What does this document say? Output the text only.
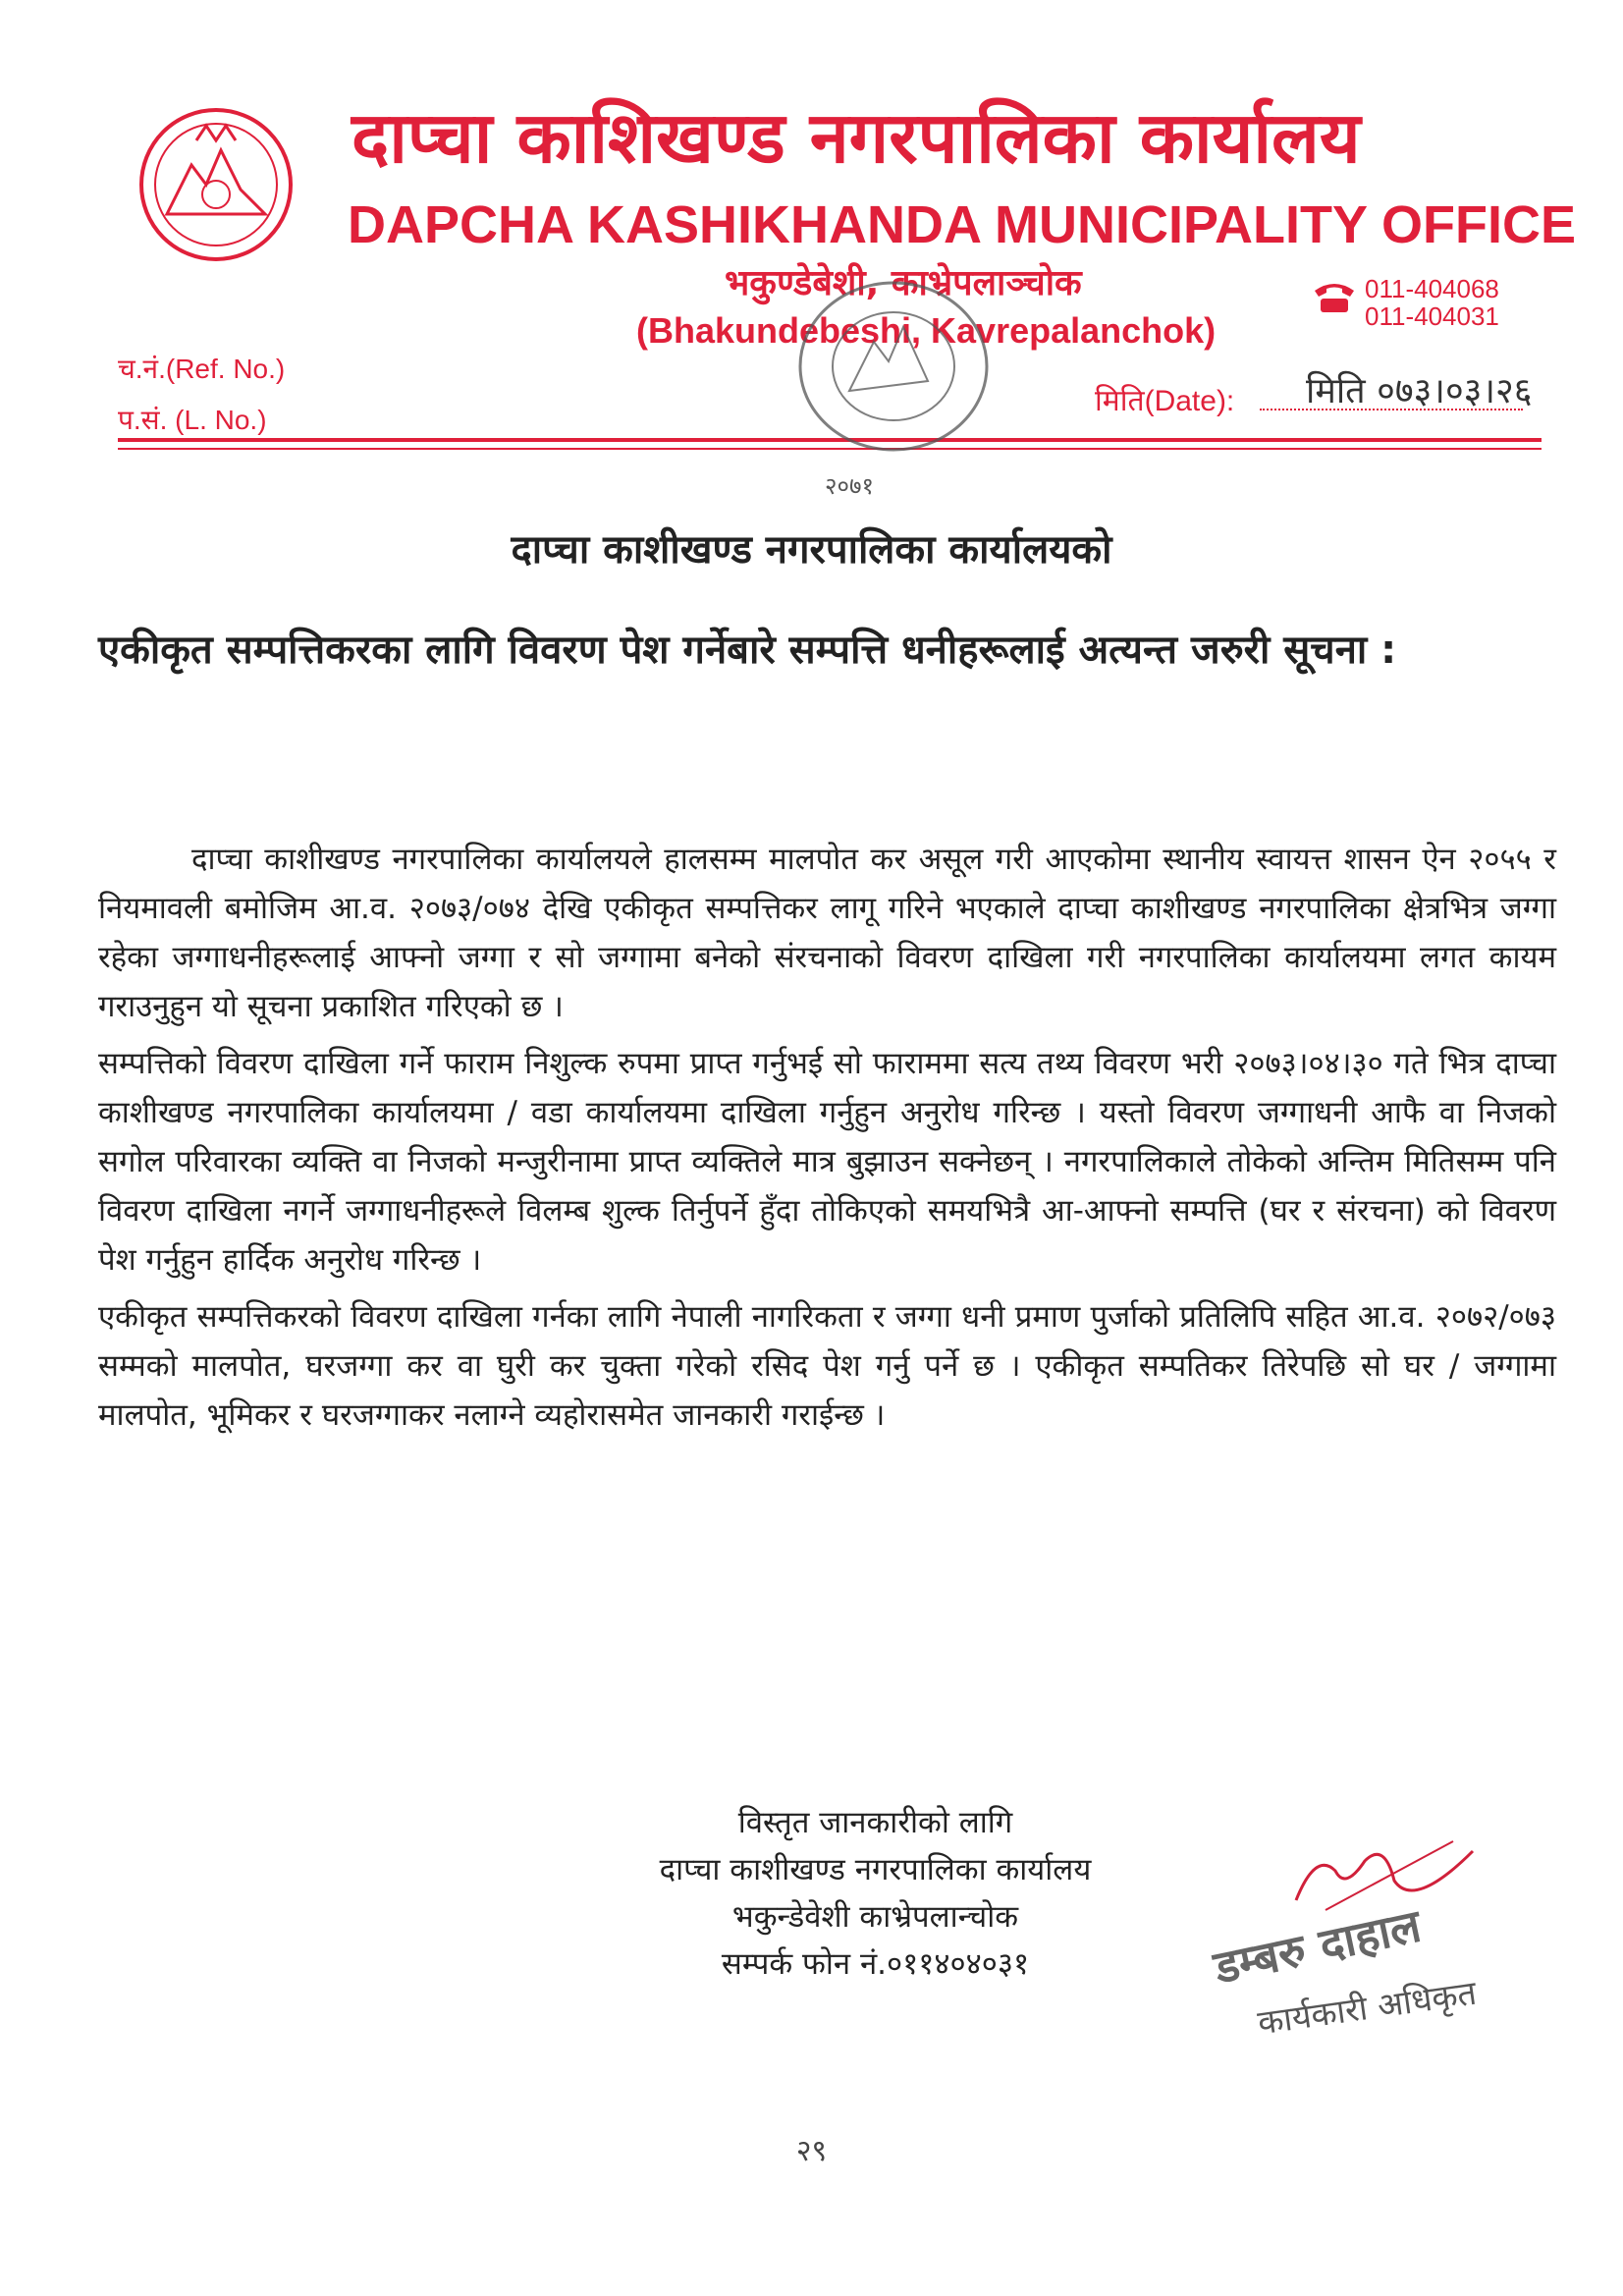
दाप्चा काशिखण्ड नगरपालिका कार्यालय
DAPCHA KASHIKHANDA MUNICIPALITY OFFICE
भकुण्डेबेशी, काभ्रेपलाञ्चोक
(Bhakundebeshi, Kavrepalanchok)
011-404068
011-404031
च.नं.(Ref. No.)
प.सं. (L. No.)
मिति(Date): मिति ०७३।०३।२६
२०७१
दाप्चा काशीखण्ड नगरपालिका कार्यालयको
एकीकृत सम्पत्तिकरका लागि विवरण पेश गर्नेबारे सम्पत्ति धनीहरूलाई अत्यन्त जरुरी सूचना :

दाप्चा काशीखण्ड नगरपालिका कार्यालयले हालसम्म मालपोत कर असूल गरी आएकोमा स्थानीय स्वायत्त शासन ऐन २०५५ र नियमावली बमोजिम आ.व. २०७३/०७४ देखि एकीकृत सम्पत्तिकर लागू गरिने भएकाले दाप्चा काशीखण्ड नगरपालिका क्षेत्रभित्र जग्गा रहेका जग्गाधनीहरूलाई आफ्नो जग्गा र सो जग्गामा बनेको संरचनाको विवरण दाखिला गरी नगरपालिका कार्यालयमा लगत कायम गराउनुहुन यो सूचना प्रकाशित गरिएको छ ।

सम्पत्तिको विवरण दाखिला गर्ने फाराम निशुल्क रुपमा प्राप्त गर्नुभई सो फाराममा सत्य तथ्य विवरण भरी २०७३।०४।३० गते भित्र दाप्चा काशीखण्ड नगरपालिका कार्यालयमा / वडा कार्यालयमा दाखिला गर्नुहुन अनुरोध गरिन्छ । यस्तो विवरण जग्गाधनी आफै वा निजको सगोल परिवारका व्यक्ति वा निजको मन्जुरीनामा प्राप्त व्यक्तिले मात्र बुझाउन सक्नेछन् । नगरपालिकाले तोकेको अन्तिम मितिसम्म पनि विवरण दाखिला नगर्ने जग्गाधनीहरूले विलम्ब शुल्क तिर्नुपर्ने हुँदा तोकिएको समयभित्रै आ-आफ्नो सम्पत्ति (घर र संरचना) को विवरण पेश गर्नुहुन हार्दिक अनुरोध गरिन्छ ।

एकीकृत सम्पत्तिकरको विवरण दाखिला गर्नका लागि नेपाली नागरिकता र जग्गा धनी प्रमाण पुर्जाको प्रतिलिपि सहित आ.व. २०७२/०७३ सम्मको मालपोत, घरजग्गा कर वा घुरी कर चुक्ता गरेको रसिद पेश गर्नु पर्ने छ । एकीकृत सम्पतिकर तिरेपछि सो घर / जग्गामा मालपोत, भूमिकर र घरजग्गाकर नलाग्ने व्यहोरासमेत जानकारी गराईन्छ ।

विस्तृत जानकारीको लागि
दाप्चा काशीखण्ड नगरपालिका कार्यालय
भकुन्डेवेशी काभ्रेपलान्चोक
सम्पर्क फोन नं.०११४०४०३१	डम्बरु दाहाल
कार्यकारी अधिकृत
२९
